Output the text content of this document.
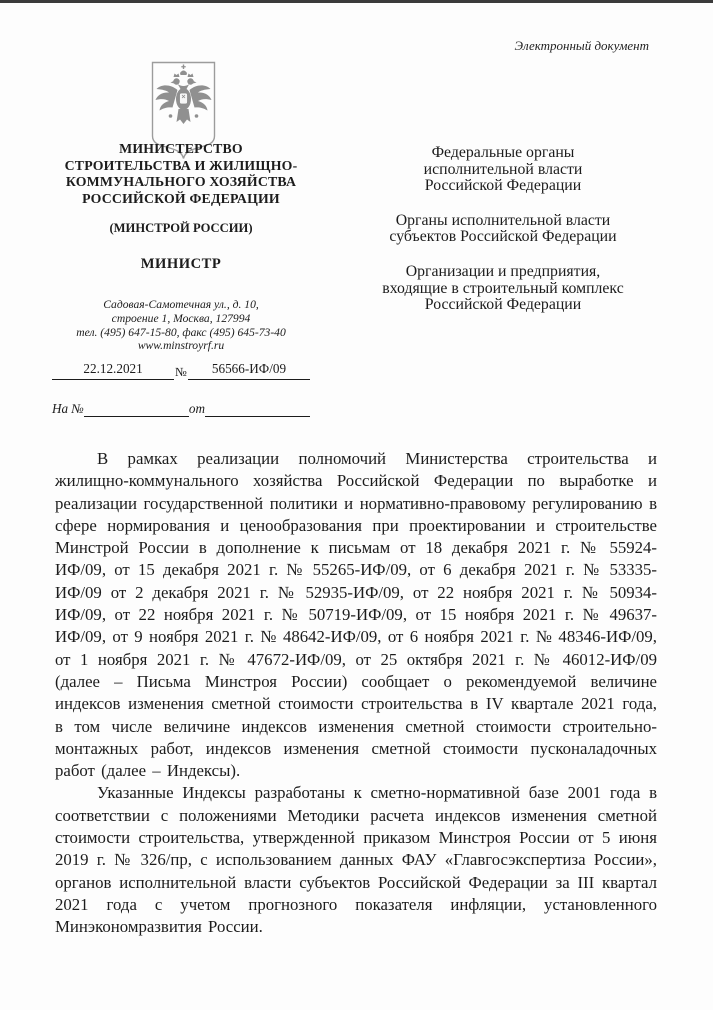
Электронный документ
МИНИСТЕРСТВО
СТРОИТЕЛЬСТВА И ЖИЛИЩНО-
КОММУНАЛЬНОГО ХОЗЯЙСТВА
РОССИЙСКОЙ ФЕДЕРАЦИИ
(МИНСТРОЙ РОССИИ)
МИНИСТР
Садовая-Самотечная ул., д. 10,
строение 1, Москва, 127994
тел. (495) 647-15-80, факс (495) 645-73-40
www.minstroyrf.ru
22.12.2021	№	56566-ИФ/09
На №	от
Федеральные органы
исполнительной власти
Российской Федерации
Органы исполнительной власти
субъектов Российской Федерации
Организации и предприятия,
входящие в строительный комплекс
Российской Федерации

В рамках реализации полномочий Министерства строительства и жилищно-коммунального хозяйства Российской Федерации по выработке и реализации государственной политики и нормативно-правовому регулированию в сфере нормирования и ценообразования при проектировании и строительстве Минстрой России в дополнение к письмам от 18 декабря 2021 г. № 55924-ИФ/09, от 15 декабря 2021 г. № 55265-ИФ/09, от 6 декабря 2021 г. № 53335-ИФ/09 от 2 декабря 2021 г. № 52935-ИФ/09, от 22 ноября 2021 г. № 50934-ИФ/09, от 22 ноября 2021 г. № 50719-ИФ/09, от 15 ноября 2021 г. № 49637-ИФ/09, от 9 ноября 2021 г. № 48642-ИФ/09, от 6 ноября 2021 г. № 48346-ИФ/09, от 1 ноября 2021 г. № 47672-ИФ/09, от 25 октября 2021 г. № 46012-ИФ/09 (далее – Письма Минстроя России) сообщает о рекомендуемой величине индексов изменения сметной стоимости строительства в IV квартале 2021 года, в том числе величине индексов изменения сметной стоимости строительно-монтажных работ, индексов изменения сметной стоимости пусконаладочных работ (далее – Индексы).

Указанные Индексы разработаны к сметно-нормативной базе 2001 года в соответствии с положениями Методики расчета индексов изменения сметной стоимости строительства, утвержденной приказом Минстроя России от 5 июня 2019 г. № 326/пр, с использованием данных ФАУ «Главгосэкспертиза России», органов исполнительной власти субъектов Российской Федерации за III квартал 2021 года с учетом прогнозного показателя инфляции, установленного Минэкономразвития России.
